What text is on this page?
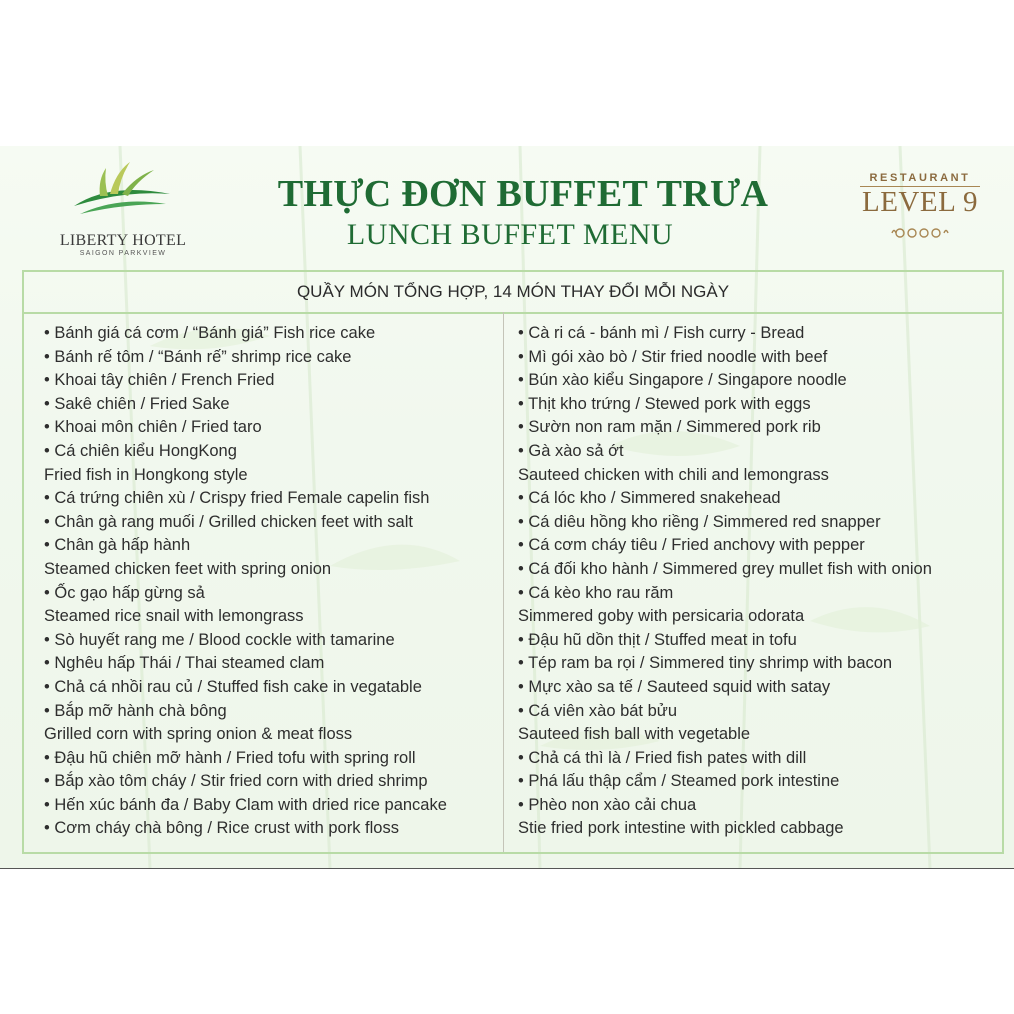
LIBERTY HOTEL
SAIGON PARKVIEW
THỰC ĐƠN BUFFET TRƯA
LUNCH BUFFET MENU
RESTAURANT
LEVEL 9
QUẦY MÓN TỔNG HỢP, 14 MÓN THAY ĐỔI MỖI NGÀY
• Bánh giá cá cơm / “Bánh giá” Fish rice cake
• Bánh rế tôm / “Bánh rế” shrimp rice cake
• Khoai tây chiên / French Fried
• Sakê chiên / Fried Sake
• Khoai môn chiên / Fried taro
• Cá chiên kiểu HongKong
Fried fish in Hongkong style
• Cá trứng chiên xù / Crispy fried Female capelin fish
• Chân gà rang muối / Grilled chicken feet with salt
• Chân gà hấp hành
Steamed chicken feet with spring onion
• Ốc gạo hấp gừng sả
Steamed rice snail with lemongrass
• Sò huyết rang me / Blood cockle with tamarine
• Nghêu hấp Thái / Thai steamed clam
• Chả cá nhồi rau củ / Stuffed fish cake in vegatable
• Bắp mỡ hành chà bông
Grilled corn with spring onion & meat floss
• Đậu hũ chiên mỡ hành / Fried tofu with spring roll
• Bắp xào tôm cháy / Stir fried corn with dried shrimp
• Hến xúc bánh đa / Baby Clam with dried rice pancake
• Cơm cháy chà bông / Rice crust with pork floss
• Cà ri cá - bánh mì / Fish curry - Bread
• Mì gói xào bò / Stir fried noodle with beef
• Bún xào kiểu Singapore / Singapore noodle
• Thịt kho trứng / Stewed pork with eggs
• Sườn non ram mặn / Simmered pork rib
• Gà xào sả ớt
Sauteed chicken with chili and lemongrass
• Cá lóc kho / Simmered snakehead
• Cá diêu hồng kho riềng / Simmered red snapper
• Cá cơm cháy tiêu / Fried anchovy with pepper
• Cá đối kho hành / Simmered grey mullet fish with onion
• Cá kèo kho rau răm
Simmered goby with persicaria odorata
• Đậu hũ dồn thịt / Stuffed meat in tofu
• Tép ram ba rọi / Simmered tiny shrimp with bacon
• Mực xào sa tế / Sauteed squid with satay
• Cá viên xào bát bửu
Sauteed fish ball with vegetable
• Chả cá thì là / Fried fish pates with dill
• Phá lấu thập cẩm / Steamed pork intestine
• Phèo non xào cải chua
Stie fried pork intestine with pickled cabbage
